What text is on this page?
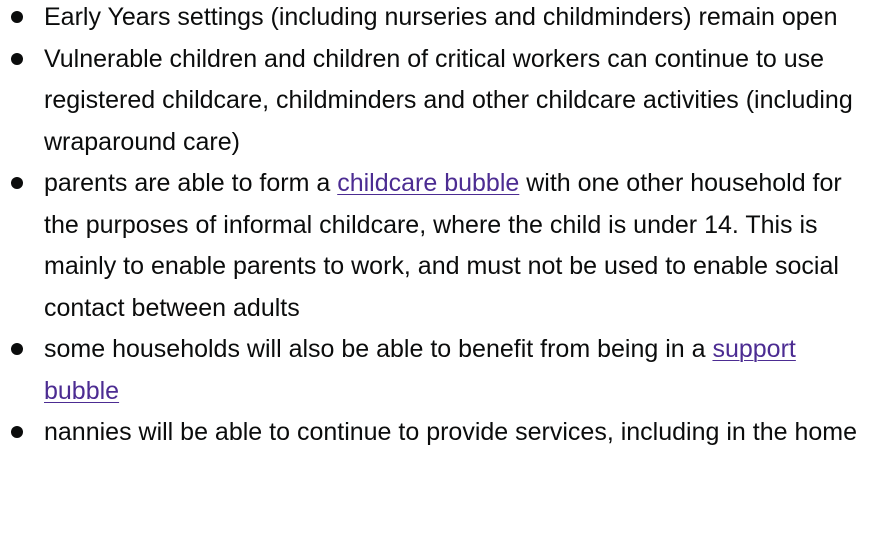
Early Years settings (including nurseries and childminders) remain open
Vulnerable children and children of critical workers can continue to use registered childcare, childminders and other childcare activities (including wraparound care)
parents are able to form a childcare bubble with one other household for the purposes of informal childcare, where the child is under 14. This is mainly to enable parents to work, and must not be used to enable social contact between adults
some households will also be able to benefit from being in a support bubble
nannies will be able to continue to provide services, including in the home
